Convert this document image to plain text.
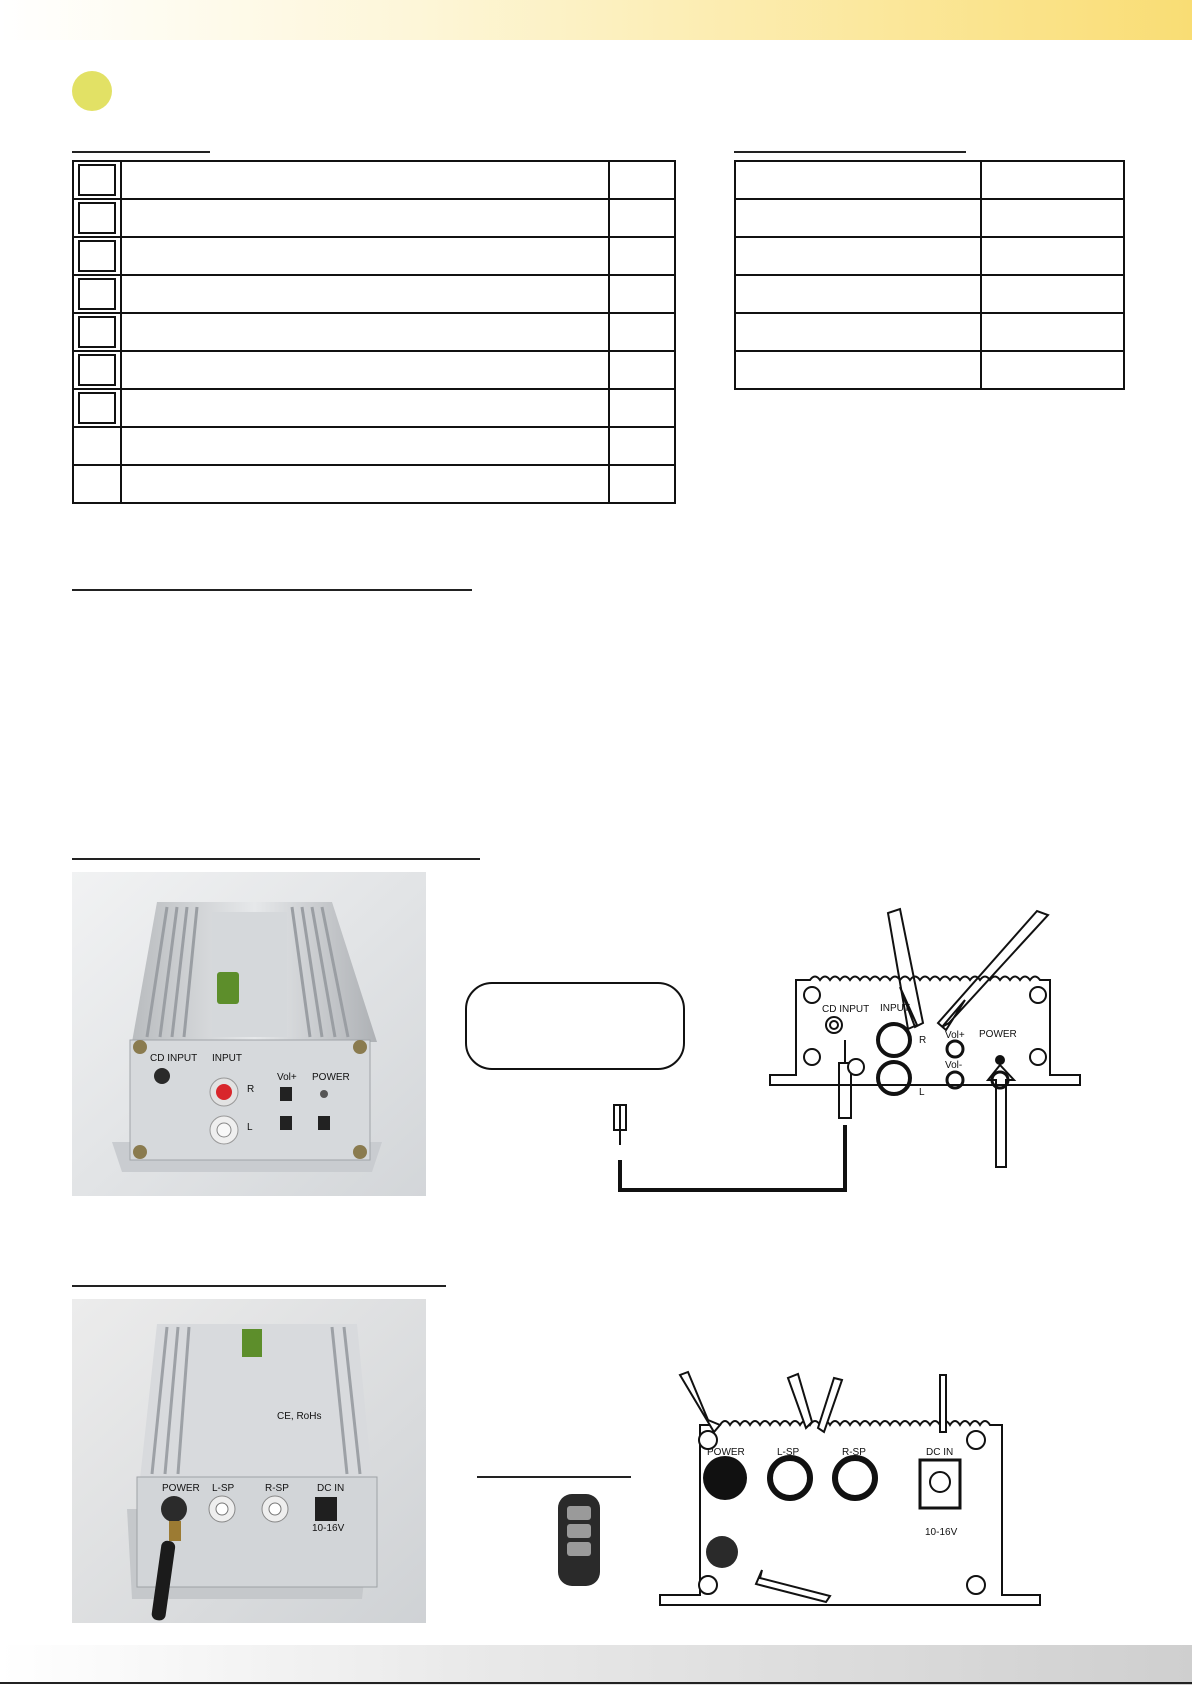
CD INPUT INPUT
R
L
Vol+ POWER
CD INPUT INPUT
R
L
Vol+
Vol-
POWER
CE, RoHs
POWER L-SP	R-SP	DC IN
10-16V
POWER	L-SP	R-SP	DC IN
10-16V
